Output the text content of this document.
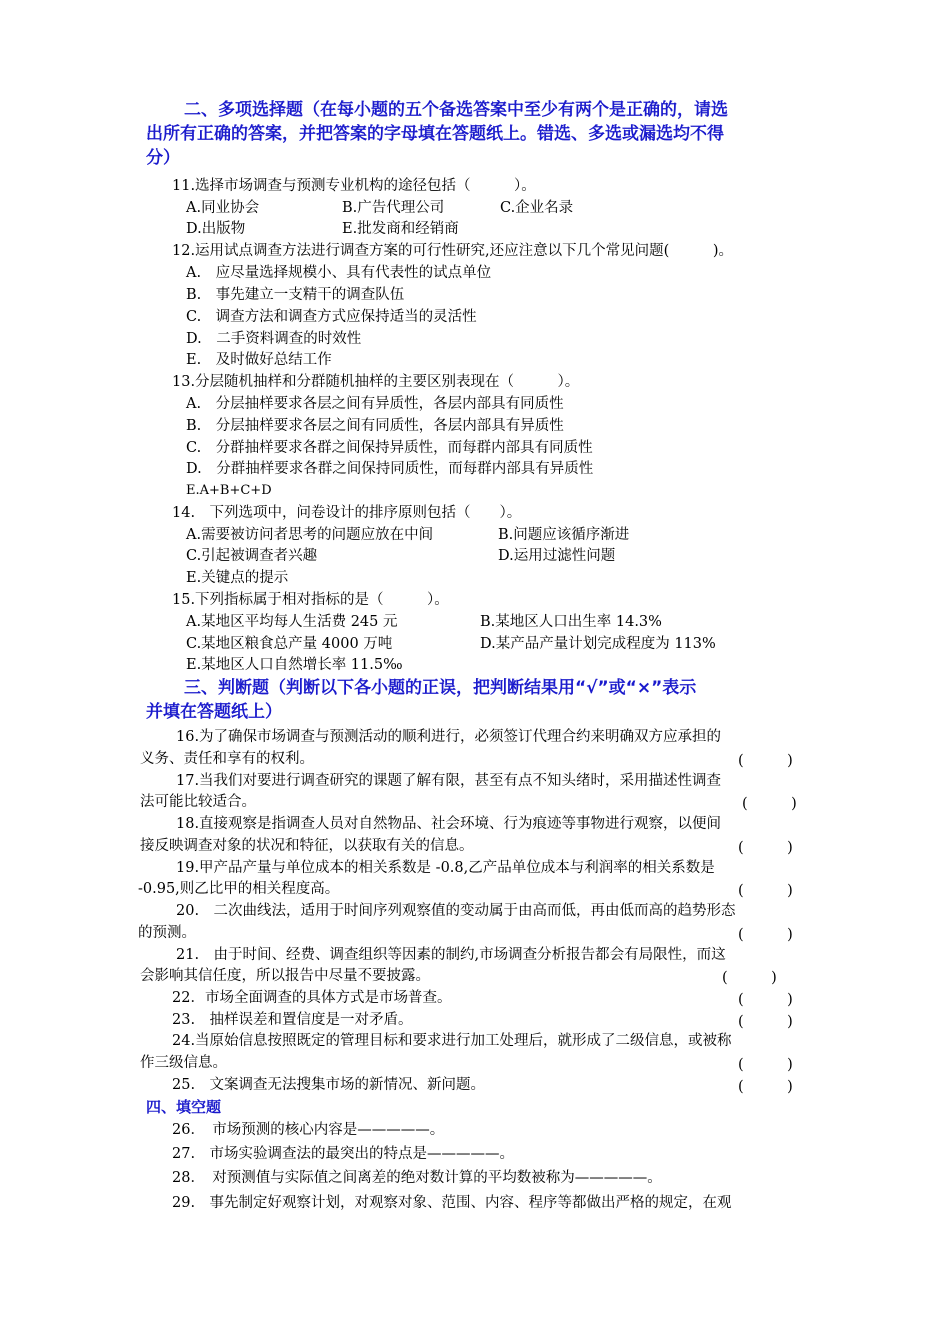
二、多项选择题（在每小题的五个备选答案中至少有两个是正确的，请选
出所有正确的答案，并把答案的字母填在答题纸上。错选、多选或漏选均不得
分）
11.选择市场调查与预测专业机构的途径包括（　　　）。
A.同业协会	B.广告代理公司	C.企业名录
D.出版物	E.批发商和经销商
12.运用试点调查方法进行调查方案的可行性研究,还应注意以下几个常见问题(　　　)。
A.　应尽量选择规模小、具有代表性的试点单位
B.　事先建立一支精干的调查队伍
C.　调查方法和调查方式应保持适当的灵活性
D.　二手资料调查的时效性
E.　及时做好总结工作
13.分层随机抽样和分群随机抽样的主要区别表现在（　　　）。
A.　分层抽样要求各层之间有异质性，各层内部具有同质性
B.　分层抽样要求各层之间有同质性，各层内部具有异质性
C.　分群抽样要求各群之间保持异质性，而每群内部具有同质性
D.　分群抽样要求各群之间保持同质性，而每群内部具有异质性
E.A+B+C+D
14.　下列选项中，问卷设计的排序原则包括（　　）。
A.需要被访问者思考的问题应放在中间	B.问题应该循序渐进
C.引起被调查者兴趣	D.运用过滤性问题
E.关键点的提示
15.下列指标属于相对指标的是（　　　）。
A.某地区平均每人生活费 245 元	B.某地区人口出生率 14.3%
C.某地区粮食总产量 4000 万吨	D.某产品产量计划完成程度为 113%
E.某地区人口自然增长率 11.5‰
三、判断题（判断以下各小题的正误，把判断结果用“√”或“×”表示
并填在答题纸上）
16.为了确保市场调查与预测活动的顺利进行，必须签订代理合约来明确双方应承担的
义务、责任和享有的权利。	(　　　)
17.当我们对要进行调查研究的课题了解有限，甚至有点不知头绪时，采用描述性调查
法可能比较适合。	(　　　)
18.直接观察是指调查人员对自然物品、社会环境、行为痕迹等事物进行观察，以便间
接反映调查对象的状况和特征，以获取有关的信息。	(　　　)
19.甲产品产量与单位成本的相关系数是 -0.8,乙产品单位成本与利润率的相关系数是
-0.95,则乙比甲的相关程度高。	(　　　)
20.　二次曲线法，适用于时间序列观察值的变动属于由高而低，再由低而高的趋势形态
的预测。	(　　　)
21.　由于时间、经费、调查组织等因素的制约,市场调查分析报告都会有局限性，而这
会影响其信任度，所以报告中尽量不要披露。	(　　　)
22．市场全面调查的具体方式是市场普查。	(　　　)
23.　抽样误差和置信度是一对矛盾。	(　　　)
24.当原始信息按照既定的管理目标和要求进行加工处理后，就形成了二级信息，或被称
作三级信息。	(　　　)
25.　文案调查无法搜集市场的新情况、新问题。	(　　　)
四、填空题
26．　市场预测的核心内容是—————。
27.　市场实验调查法的最突出的特点是—————。
28．　对预测值与实际值之间离差的绝对数计算的平均数被称为—————。
29.　事先制定好观察计划，对观察对象、范围、内容、程序等都做出严格的规定，在观
